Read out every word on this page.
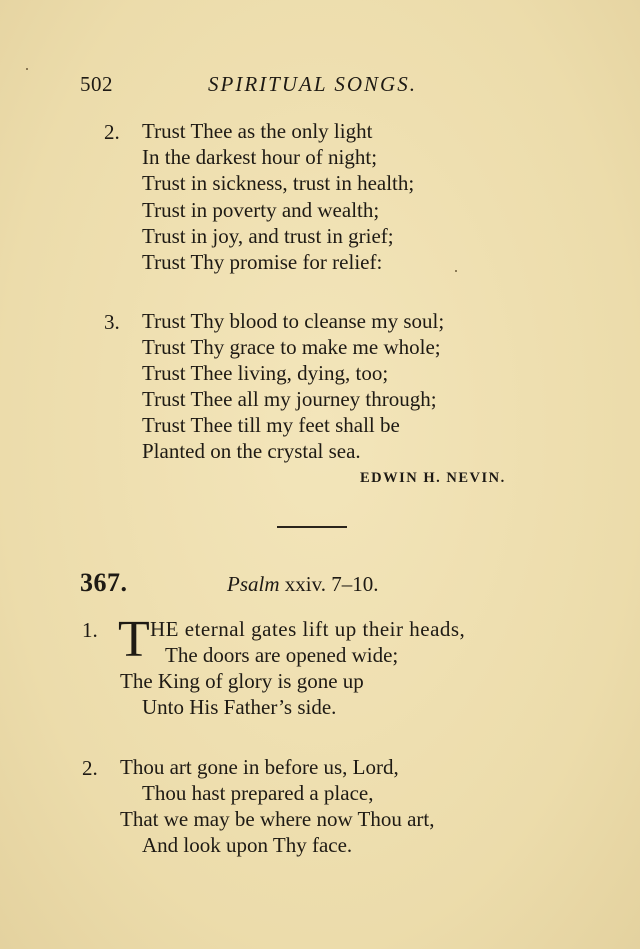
502	SPIRITUAL SONGS.
2. Trust Thee as the only light
In the darkest hour of night;
Trust in sickness, trust in health;
Trust in poverty and wealth;
Trust in joy, and trust in grief;
Trust Thy promise for relief:
3. Trust Thy blood to cleanse my soul;
Trust Thy grace to make me whole;
Trust Thee living, dying, too;
Trust Thee all my journey through;
Trust Thee till my feet shall be
Planted on the crystal sea.
EDWIN H. NEVIN.
367.	Psalm xxiv. 7–10.
1. T HE eternal gates lift up their heads,
The doors are opened wide;
The King of glory is gone up
Unto His Father’s side.
2. Thou art gone in before us, Lord,
Thou hast prepared a place,
That we may be where now Thou art,
And look upon Thy face.
